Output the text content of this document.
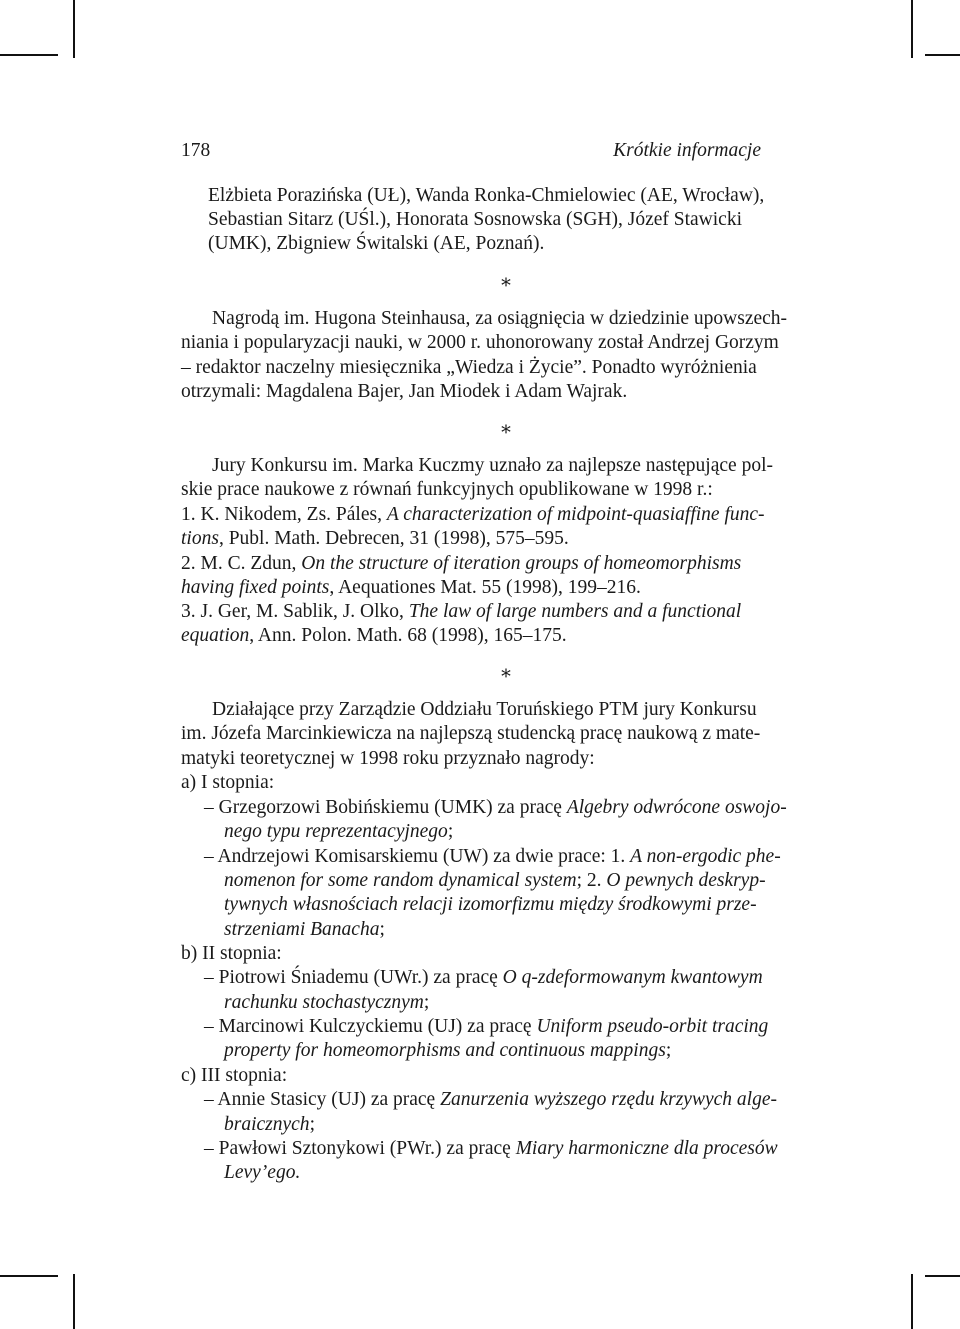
178	Krótkie informacje
Elżbieta Porazińska (UŁ), Wanda Ronka-Chmielowiec (AE, Wrocław),
Sebastian Sitarz (UŚl.), Honorata Sosnowska (SGH), Józef Stawicki
(UMK), Zbigniew Świtalski (AE, Poznań).
∗
Nagrodą im. Hugona Steinhausa, za osiągnięcia w dziedzinie upowszech-
niania i popularyzacji nauki, w 2000 r. uhonorowany został Andrzej Gorzym
– redaktor naczelny miesięcznika „Wiedza i Życie”. Ponadto wyróżnienia
otrzymali: Magdalena Bajer, Jan Miodek i Adam Wajrak.
∗
Jury Konkursu im. Marka Kuczmy uznało za najlepsze następujące pol-
skie prace naukowe z równań funkcyjnych opublikowane w 1998 r.:
1. K. Nikodem, Zs. Páles, A characterization of midpoint-quasiaffine func-
tions, Publ. Math. Debrecen, 31 (1998), 575–595.
2. M. C. Zdun, On the structure of iteration groups of homeomorphisms
having fixed points, Aequationes Mat. 55 (1998), 199–216.
3. J. Ger, M. Sablik, J. Olko, The law of large numbers and a functional
equation, Ann. Polon. Math. 68 (1998), 165–175.
∗
Działające przy Zarządzie Oddziału Toruńskiego PTM jury Konkursu
im. Józefa Marcinkiewicza na najlepszą studencką pracę naukową z mate-
matyki teoretycznej w 1998 roku przyznało nagrody:
a) I stopnia:
– Grzegorzowi Bobińskiemu (UMK) za pracę Algebry odwrócone oswojo-
nego typu reprezentacyjnego;
– Andrzejowi Komisarskiemu (UW) za dwie prace: 1. A non-ergodic phe-
nomenon for some random dynamical system; 2. O pewnych deskryp-
tywnych własnościach relacji izomorfizmu między środkowymi prze-
strzeniami Banacha;
b) II stopnia:
– Piotrowi Śniademu (UWr.) za pracę O q-zdeformowanym kwantowym
rachunku stochastycznym;
– Marcinowi Kulczyckiemu (UJ) za pracę Uniform pseudo-orbit tracing
property for homeomorphisms and continuous mappings;
c) III stopnia:
– Annie Stasicy (UJ) za pracę Zanurzenia wyższego rzędu krzywych alge-
braicznych;
– Pawłowi Sztonykowi (PWr.) za pracę Miary harmoniczne dla procesów
Levy’ego.
